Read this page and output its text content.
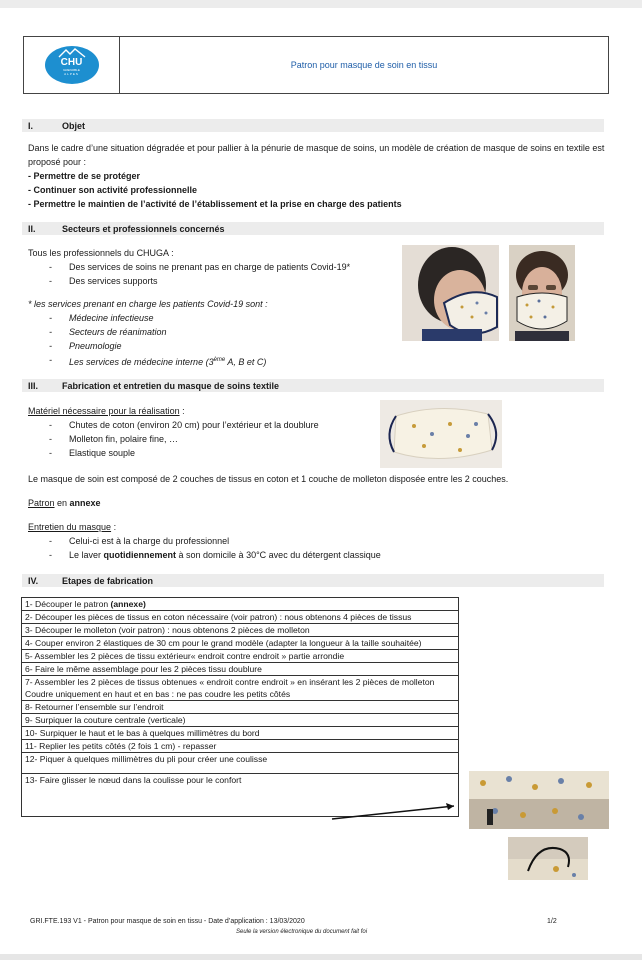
CHU
GRENOBLE
ALPES
Patron pour masque de soin en tissu
I.	Objet
Dans le cadre d’une situation dégradée et pour pallier à la pénurie de masque de soins, un modèle de création de masque de soins en textile est proposé pour :
- Permettre de se protéger
- Continuer son activité professionnelle
- Permettre le maintien de l’activité de l’établissement et la prise en charge des patients
II.	Secteurs et professionnels concernés
Tous les professionnels du CHUGA :
- Des services de soins ne prenant pas en charge de patients Covid-19*
- Des services supports
* les services prenant en charge les patients Covid-19 sont :
- Médecine infectieuse
- Secteurs de réanimation
- Pneumologie
- Les services de médecine interne (3ème A, B et C)
III.	Fabrication et entretien du masque de soins textile
Matériel nécessaire pour la réalisation :
- Chutes de coton (environ 20 cm) pour l’extérieur et la doublure
- Molleton fin, polaire fine, …
- Elastique souple
Le masque de soin est composé de 2 couches de tissus en coton et 1 couche de molleton disposée entre les 2 couches.
Patron en annexe
Entretien du masque :
- Celui-ci est à la charge du professionnel
- Le laver quotidiennement à son domicile à 30°C avec du détergent classique
IV.	Etapes de fabrication
1- Découper le patron (annexe)
2- Découper les pièces de tissus en coton nécessaire (voir patron) : nous obtenons 4 pièces de tissus
3- Découper le molleton (voir patron) : nous obtenons 2 pièces de molleton
4- Couper environ 2 élastiques de 30 cm pour le grand modèle (adapter la longueur à la taille souhaitée)
5- Assembler les 2 pièces de tissu extérieur« endroit contre endroit » partie arrondie
6- Faire le même assemblage pour les 2 pièces tissu doublure
7- Assembler les 2 pièces de tissus obtenues « endroit contre endroit » en insérant les 2 pièces de molleton
Coudre uniquement en haut et en bas : ne pas coudre les petits côtés
8- Retourner l’ensemble sur l’endroit
9- Surpiquer la couture centrale (verticale)
10- Surpiquer le haut et le bas à quelques millimètres du bord
11- Replier les petits côtés (2 fois 1 cm) - repasser
12- Piquer à quelques millimètres du pli pour créer une coulisse
13- Faire glisser le nœud dans la coulisse pour le confort
GRI.FTE.193 V1 - Patron pour masque de soin en tissu - Date d’application : 13/03/2020
Seule la version électronique du document fait foi
1/2
